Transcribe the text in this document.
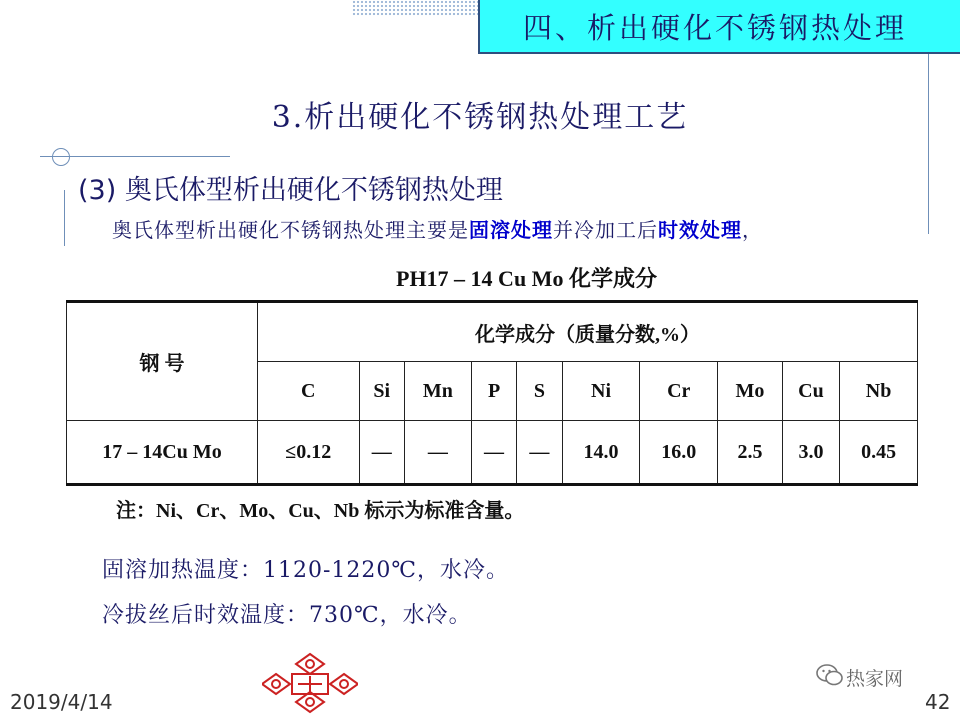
四、析出硬化不锈钢热处理
3.析出硬化不锈钢热处理工艺
(3) 奥氏体型析出硬化不锈钢热处理
奥氏体型析出硬化不锈钢热处理主要是固溶处理并冷加工后时效处理，
PH17 – 14 Cu Mo 化学成分
钢 号	化学成分（质量分数,%）									
	C	Si	Mn	P	S	Ni	Cr	Mo	Cu	Nb
17 – 14Cu Mo	≤0.12	—	—	—	—	14.0	16.0	2.5	3.0	0.45
注：Ni、Cr、Mo、Cu、Nb 标示为标准含量。
固溶加热温度：1120-1220℃，水冷。
冷拔丝后时效温度：730℃，水冷。
2019/4/14	42
热家网
